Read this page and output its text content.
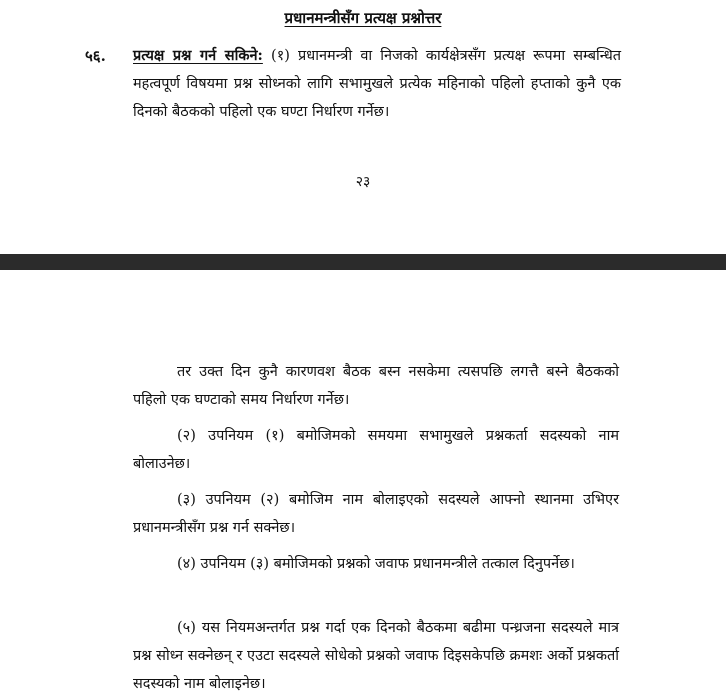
प्रधानमन्त्रीसँग प्रत्यक्ष प्रश्नोत्तर
५६. प्रत्यक्ष प्रश्न गर्न सकिने: (१) प्रधानमन्त्री वा निजको कार्यक्षेत्रसँग प्रत्यक्ष रूपमा सम्बन्धित महत्वपूर्ण विषयमा प्रश्न सोध्नको लागि सभामुखले प्रत्येक महिनाको पहिलो हप्ताको कुनै एक दिनको बैठकको पहिलो एक घण्टा निर्धारण गर्नेछ।
२३

तर उक्त दिन कुनै कारणवश बैठक बस्न नसकेमा त्यसपछि लगत्तै बस्ने बैठकको पहिलो एक घण्टाको समय निर्धारण गर्नेछ।

(२) उपनियम (१) बमोजिमको समयमा सभामुखले प्रश्नकर्ता सदस्यको नाम बोलाउनेछ।

(३) उपनियम (२) बमोजिम नाम बोलाइएको सदस्यले आफ्नो स्थानमा उभिएर प्रधानमन्त्रीसँग प्रश्न गर्न सक्नेछ।

(४) उपनियम (३) बमोजिमको प्रश्नको जवाफ प्रधानमन्त्रीले तत्काल दिनुपर्नेछ।

(५) यस नियमअन्तर्गत प्रश्न गर्दा एक दिनको बैठकमा बढीमा पन्ध्रजना सदस्यले मात्र प्रश्न सोध्न सक्नेछन् र एउटा सदस्यले सोधेको प्रश्नको जवाफ दिइसकेपछि क्रमशः अर्को प्रश्नकर्ता सदस्यको नाम बोलाइनेछ।
